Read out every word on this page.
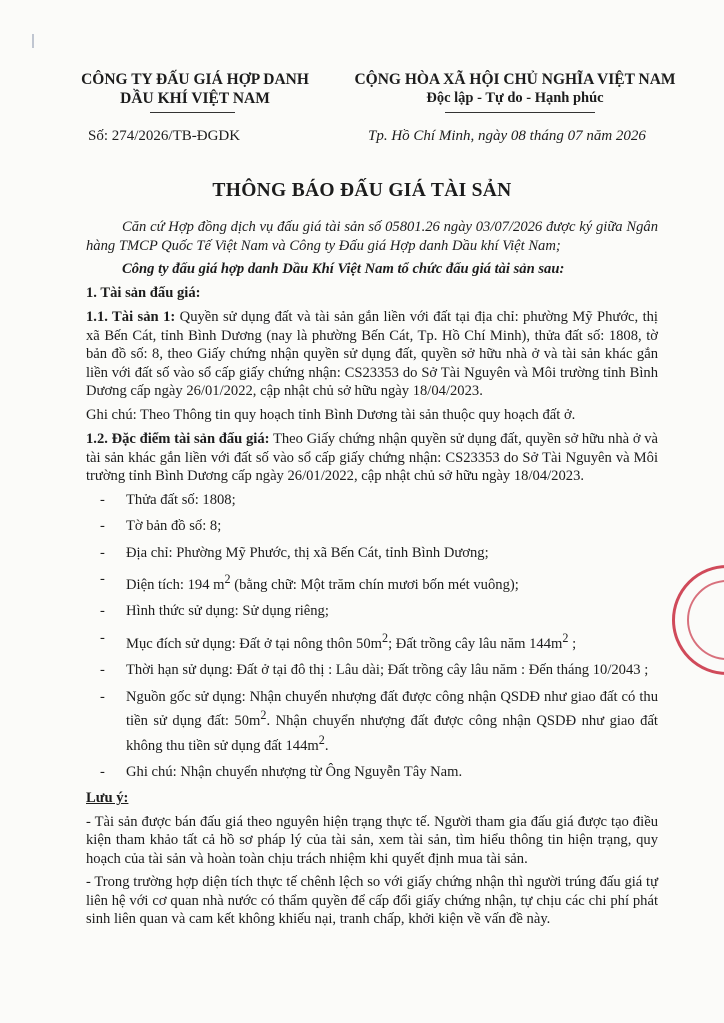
CÔNG TY ĐẤU GIÁ HỢP DANH
DẦU KHÍ VIỆT NAM
CỘNG HÒA XÃ HỘI CHỦ NGHĨA VIỆT NAM
Độc lập - Tự do - Hạnh phúc
Số: 274/2026/TB-ĐGDK	Tp. Hồ Chí Minh, ngày 08 tháng 07 năm 2026
THÔNG BÁO ĐẤU GIÁ TÀI SẢN

Căn cứ Hợp đồng dịch vụ đấu giá tài sản số 05801.26 ngày 03/07/2026 được ký giữa Ngân hàng TMCP Quốc Tế Việt Nam và Công ty Đấu giá Hợp danh Dầu khí Việt Nam;

Công ty đấu giá hợp danh Dầu Khí Việt Nam tổ chức đấu giá tài sản sau:

1. Tài sản đấu giá:

1.1. Tài sản 1: Quyền sử dụng đất và tài sản gắn liền với đất tại địa chỉ: phường Mỹ Phước, thị xã Bến Cát, tỉnh Bình Dương (nay là phường Bến Cát, Tp. Hồ Chí Minh), thửa đất số: 1808, tờ bản đồ số: 8, theo Giấy chứng nhận quyền sử dụng đất, quyền sở hữu nhà ở và tài sản khác gắn liền với đất số vào sổ cấp giấy chứng nhận: CS23353 do Sở Tài Nguyên và Môi trường tỉnh Bình Dương cấp ngày 26/01/2022, cập nhật chủ sở hữu ngày 18/04/2023.

Ghi chú: Theo Thông tin quy hoạch tỉnh Bình Dương tài sản thuộc quy hoạch đất ở.

1.2. Đặc điểm tài sản đấu giá: Theo Giấy chứng nhận quyền sử dụng đất, quyền sở hữu nhà ở và tài sản khác gắn liền với đất số vào sổ cấp giấy chứng nhận: CS23353 do Sở Tài Nguyên và Môi trường tỉnh Bình Dương cấp ngày 26/01/2022, cập nhật chủ sở hữu ngày 18/04/2023.

-	Thửa đất số: 1808;

-	Tờ bản đồ số: 8;

-	Địa chỉ: Phường Mỹ Phước, thị xã Bến Cát, tỉnh Bình Dương;

-	Diện tích: 194 $m^2$ (bằng chữ: Một trăm chín mươi bốn mét vuông);

-	Hình thức sử dụng: Sử dụng riêng;

-	Mục đích sử dụng: Đất ở tại nông thôn $50m^2$; Đất trồng cây lâu năm $144m^2$ ;

-	Thời hạn sử dụng: Đất ở tại đô thị : Lâu dài; Đất trồng cây lâu năm : Đến tháng 10/2043 ;

-	Nguồn gốc sử dụng: Nhận chuyển nhượng đất được công nhận QSDĐ như giao đất có thu tiền sử dụng đất: $50m^2$. Nhận chuyển nhượng đất được công nhận QSDĐ như giao đất không thu tiền sử dụng đất $144m^2$.

-	Ghi chú: Nhận chuyển nhượng từ Ông Nguyễn Tây Nam.

Lưu ý:

- Tài sản được bán đấu giá theo nguyên hiện trạng thực tế. Người tham gia đấu giá được tạo điều kiện tham khảo tất cả hồ sơ pháp lý của tài sản, xem tài sản, tìm hiểu thông tin hiện trạng, quy hoạch của tài sản và hoàn toàn chịu trách nhiệm khi quyết định mua tài sản.

- Trong trường hợp diện tích thực tế chênh lệch so với giấy chứng nhận thì người trúng đấu giá tự liên hệ với cơ quan nhà nước có thẩm quyền để cấp đổi giấy chứng nhận, tự chịu các chi phí phát sinh liên quan và cam kết không khiếu nại, tranh chấp, khởi kiện về vấn đề này.
